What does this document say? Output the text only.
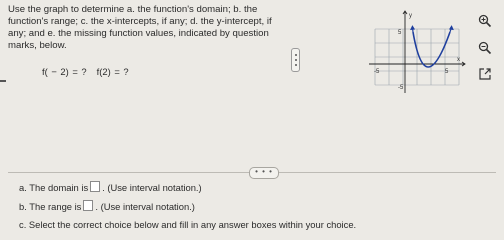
Use the graph to determine a. the function's domain; b. the function's range; c. the x-intercepts, if any; d. the y-intercept, if any; and e. the missing function values, indicated by question marks, below.
f( − 2) = ? f(2) = ?
y
x
5
-5	5
-5
• • •
a. The domain is . (Use interval notation.)
b. The range is . (Use interval notation.)
c. Select the correct choice below and fill in any answer boxes within your choice.
